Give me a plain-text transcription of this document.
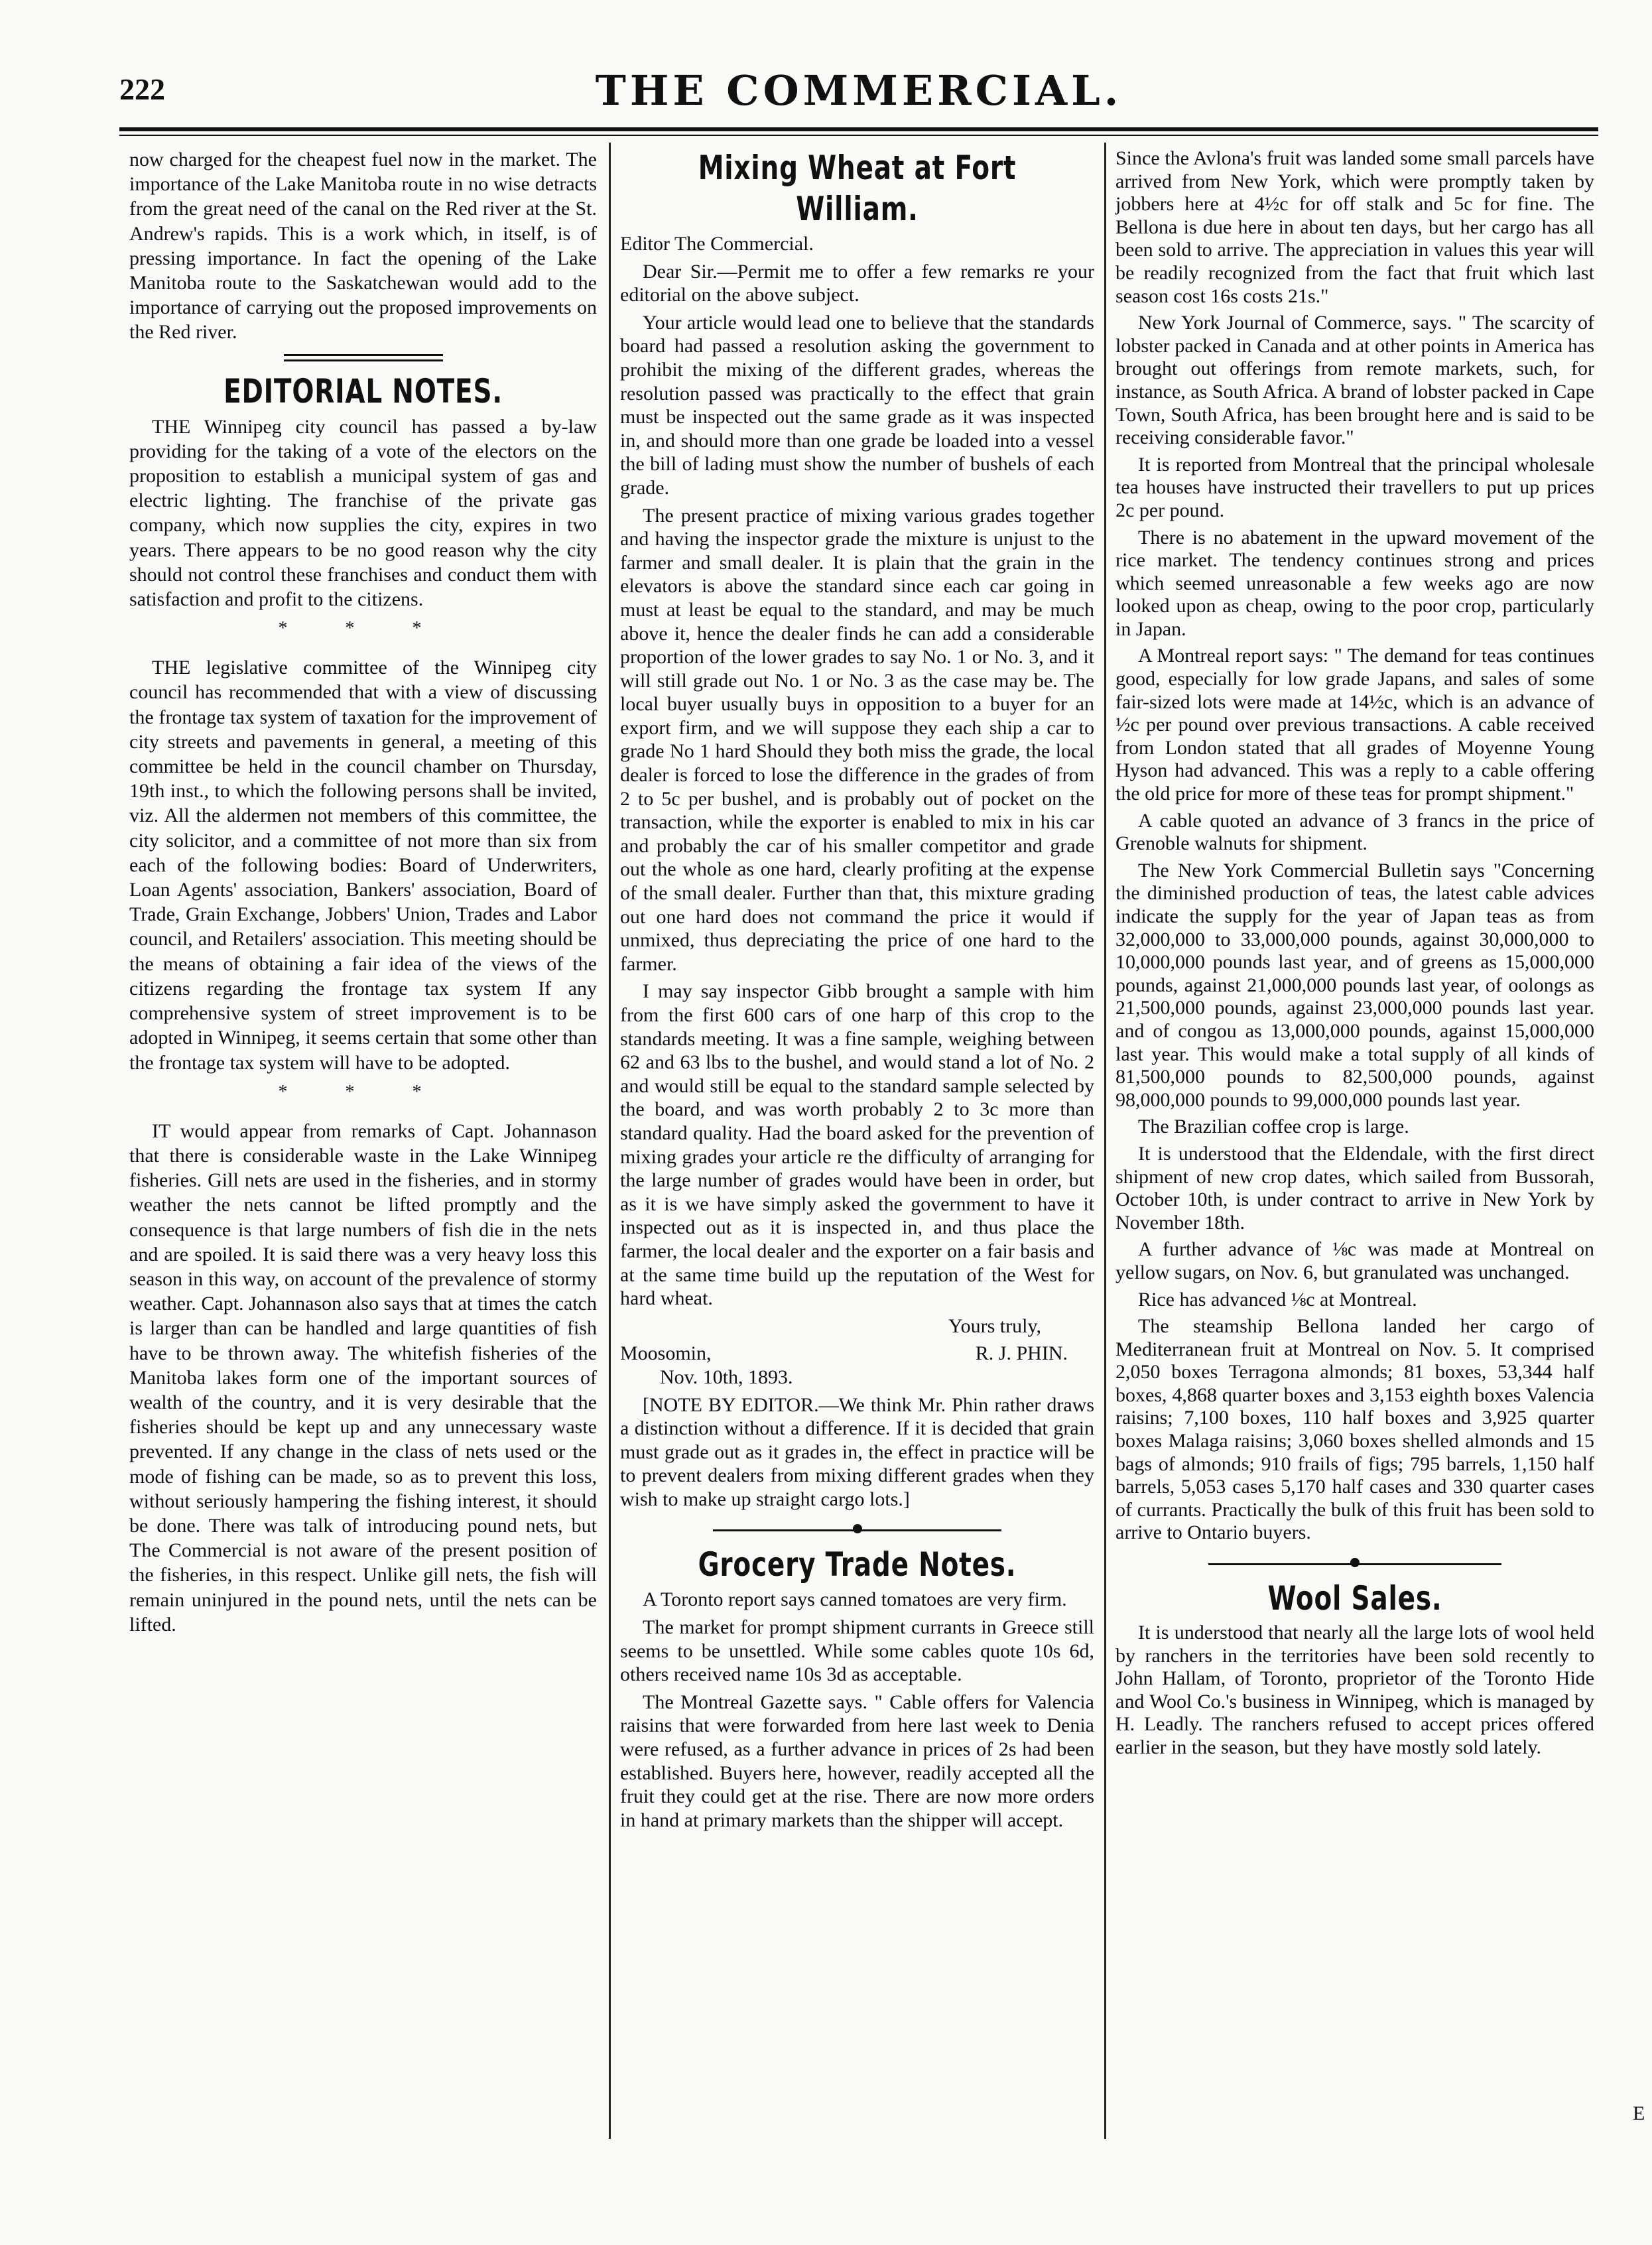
222	THE COMMERCIAL.

now charged for the cheapest fuel now in the market. The importance of the Lake Manitoba route in no wise detracts from the great need of the canal on the Red river at the St. Andrew's rapids. This is a work which, in itself, is of pressing importance. In fact the opening of the Lake Manitoba route to the Saskatchewan would add to the importance of carrying out the proposed improvements on the Red river.

EDITORIAL NOTES.

THE Winnipeg city council has passed a by-law providing for the taking of a vote of the electors on the proposition to establish a municipal system of gas and electric lighting. The franchise of the private gas company, which now supplies the city, expires in two years. There appears to be no good reason why the city should not control these franchises and conduct them with satisfaction and profit to the citizens.

* * *

THE legislative committee of the Winnipeg city council has recommended that with a view of discussing the frontage tax system of taxation for the improvement of city streets and pavements in general, a meeting of this committee be held in the council chamber on Thursday, 19th inst., to which the following persons shall be invited, viz. All the aldermen not members of this committee, the city solicitor, and a committee of not more than six from each of the following bodies: Board of Underwriters, Loan Agents' association, Bankers' association, Board of Trade, Grain Exchange, Jobbers' Union, Trades and Labor council, and Retailers' association. This meeting should be the means of obtaining a fair idea of the views of the citizens regarding the frontage tax system If any comprehensive system of street improvement is to be adopted in Winnipeg, it seems certain that some other than the frontage tax system will have to be adopted.

* * *

IT would appear from remarks of Capt. Johannason that there is considerable waste in the Lake Winnipeg fisheries. Gill nets are used in the fisheries, and in stormy weather the nets cannot be lifted promptly and the consequence is that large numbers of fish die in the nets and are spoiled. It is said there was a very heavy loss this season in this way, on account of the prevalence of stormy weather. Capt. Johannason also says that at times the catch is larger than can be handled and large quantities of fish have to be thrown away. The whitefish fisheries of the Manitoba lakes form one of the important sources of wealth of the country, and it is very desirable that the fisheries should be kept up and any unnecessary waste prevented. If any change in the class of nets used or the mode of fishing can be made, so as to prevent this loss, without seriously hampering the fishing interest, it should be done. There was talk of introducing pound nets, but The Commercial is not aware of the present position of the fisheries, in this respect. Unlike gill nets, the fish will remain uninjured in the pound nets, until the nets can be lifted.

Mixing Wheat at Fort William.

Editor The Commercial.

Dear Sir.—Permit me to offer a few remarks re your editorial on the above subject.

Your article would lead one to believe that the standards board had passed a resolution asking the government to prohibit the mixing of the different grades, whereas the resolution passed was practically to the effect that grain must be inspected out the same grade as it was inspected in, and should more than one grade be loaded into a vessel the bill of lading must show the number of bushels of each grade.

The present practice of mixing various grades together and having the inspector grade the mixture is unjust to the farmer and small dealer. It is plain that the grain in the elevators is above the standard since each car going in must at least be equal to the standard, and may be much above it, hence the dealer finds he can add a considerable proportion of the lower grades to say No. 1 or No. 3, and it will still grade out No. 1 or No. 3 as the case may be. The local buyer usually buys in opposition to a buyer for an export firm, and we will suppose they each ship a car to grade No 1 hard Should they both miss the grade, the local dealer is forced to lose the difference in the grades of from 2 to 5c per bushel, and is probably out of pocket on the transaction, while the exporter is enabled to mix in his car and probably the car of his smaller competitor and grade out the whole as one hard, clearly profiting at the expense of the small dealer. Further than that, this mixture grading out one hard does not command the price it would if unmixed, thus depreciating the price of one hard to the farmer.

I may say inspector Gibb brought a sample with him from the first 600 cars of one harp of this crop to the standards meeting. It was a fine sample, weighing between 62 and 63 lbs to the bushel, and would stand a lot of No. 2 and would still be equal to the standard sample selected by the board, and was worth probably 2 to 3c more than standard quality. Had the board asked for the prevention of mixing grades your article re the difficulty of arranging for the large number of grades would have been in order, but as it is we have simply asked the government to have it inspected out as it is inspected in, and thus place the farmer, the local dealer and the exporter on a fair basis and at the same time build up the reputation of the West for hard wheat.

Yours truly,

Moosomin,	R. J. PHIN.

Nov. 10th, 1893.

[NOTE BY EDITOR.—We think Mr. Phin rather draws a distinction without a difference. If it is decided that grain must grade out as it grades in, the effect in practice will be to prevent dealers from mixing different grades when they wish to make up straight cargo lots.]

Grocery Trade Notes.

A Toronto report says canned tomatoes are very firm.

The market for prompt shipment currants in Greece still seems to be unsettled. While some cables quote 10s 6d, others received name 10s 3d as acceptable.

The Montreal Gazette says. " Cable offers for Valencia raisins that were forwarded from here last week to Denia were refused, as a further advance in prices of 2s had been established. Buyers here, however, readily accepted all the fruit they could get at the rise. There are now more orders in hand at primary markets than the shipper will accept.

Since the Avlona's fruit was landed some small parcels have arrived from New York, which were promptly taken by jobbers here at 4½c for off stalk and 5c for fine. The Bellona is due here in about ten days, but her cargo has all been sold to arrive. The appreciation in values this year will be readily recognized from the fact that fruit which last season cost 16s costs 21s."

New York Journal of Commerce, says. " The scarcity of lobster packed in Canada and at other points in America has brought out offerings from remote markets, such, for instance, as South Africa. A brand of lobster packed in Cape Town, South Africa, has been brought here and is said to be receiving considerable favor."

It is reported from Montreal that the principal wholesale tea houses have instructed their travellers to put up prices 2c per pound.

There is no abatement in the upward movement of the rice market. The tendency continues strong and prices which seemed unreasonable a few weeks ago are now looked upon as cheap, owing to the poor crop, particularly in Japan.

A Montreal report says: " The demand for teas continues good, especially for low grade Japans, and sales of some fair-sized lots were made at 14½c, which is an advance of ½c per pound over previous transactions. A cable received from London stated that all grades of Moyenne Young Hyson had advanced. This was a reply to a cable offering the old price for more of these teas for prompt shipment."

A cable quoted an advance of 3 francs in the price of Grenoble walnuts for shipment.

The New York Commercial Bulletin says "Concerning the diminished production of teas, the latest cable advices indicate the supply for the year of Japan teas as from 32,000,000 to 33,000,000 pounds, against 30,000,000 to 10,000,000 pounds last year, and of greens as 15,000,000 pounds, against 21,000,000 pounds last year, of oolongs as 21,500,000 pounds, against 23,000,000 pounds last year. and of congou as 13,000,000 pounds, against 15,000,000 last year. This would make a total supply of all kinds of 81,500,000 pounds to 82,500,000 pounds, against 98,000,000 pounds to 99,000,000 pounds last year.

The Brazilian coffee crop is large.

It is understood that the Eldendale, with the first direct shipment of new crop dates, which sailed from Bussorah, October 10th, is under contract to arrive in New York by November 18th.

A further advance of ⅛c was made at Montreal on yellow sugars, on Nov. 6, but granulated was unchanged.

Rice has advanced ⅛c at Montreal.

The steamship Bellona landed her cargo of Mediterranean fruit at Montreal on Nov. 5. It comprised 2,050 boxes Terragona almonds; 81 boxes, 53,344 half boxes, 4,868 quarter boxes and 3,153 eighth boxes Valencia raisins; 7,100 boxes, 110 half boxes and 3,925 quarter boxes Malaga raisins; 3,060 boxes shelled almonds and 15 bags of almonds; 910 frails of figs; 795 barrels, 1,150 half barrels, 5,053 cases 5,170 half cases and 330 quarter cases of currants. Practically the bulk of this fruit has been sold to arrive to Ontario buyers.

Wool Sales.

It is understood that nearly all the large lots of wool held by ranchers in the territories have been sold recently to John Hallam, of Toronto, proprietor of the Toronto Hide and Wool Co.'s business in Winnipeg, which is managed by H. Leadly. The ranchers refused to accept prices offered earlier in the season, but they have mostly sold lately.

E
